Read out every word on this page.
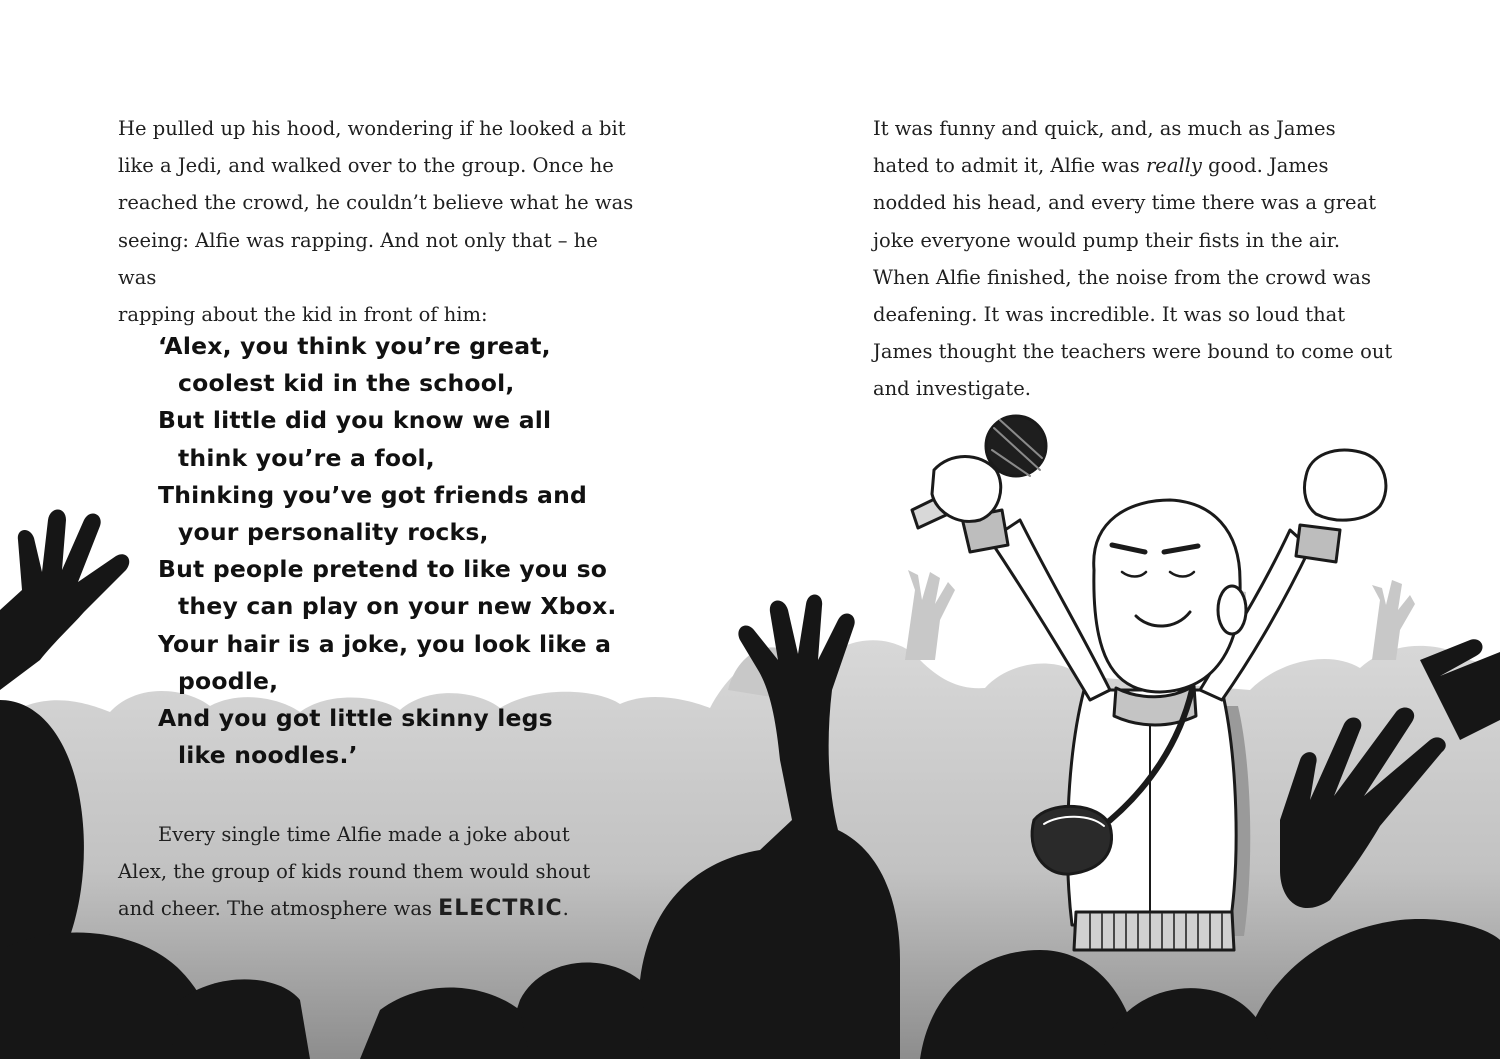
He pulled up his hood, wondering if he looked a bit
like a Jedi, and walked over to the group. Once he
reached the crowd, he couldn’t believe what he was
seeing: Alfie was rapping. And not only that – he was
rapping about the kid in front of him:

‘Alex, you think you’re great,
coolest kid in the school,
But little did you know we all
think you’re a fool,
Thinking you’ve got friends and
your personality rocks,
But people pretend to like you so
they can play on your new Xbox.
Your hair is a joke, you look like a
poodle,
And you got little skinny legs
like noodles.’

Every single time Alfie made a joke about
Alex, the group of kids round them would shout
and cheer. The atmosphere was ELECTRIC.

It was funny and quick, and, as much as James
hated to admit it, Alfie was really good. James
nodded his head, and every time there was a great
joke everyone would pump their fists in the air.
When Alfie finished, the noise from the crowd was
deafening. It was incredible. It was so loud that
James thought the teachers were bound to come out
and investigate.
